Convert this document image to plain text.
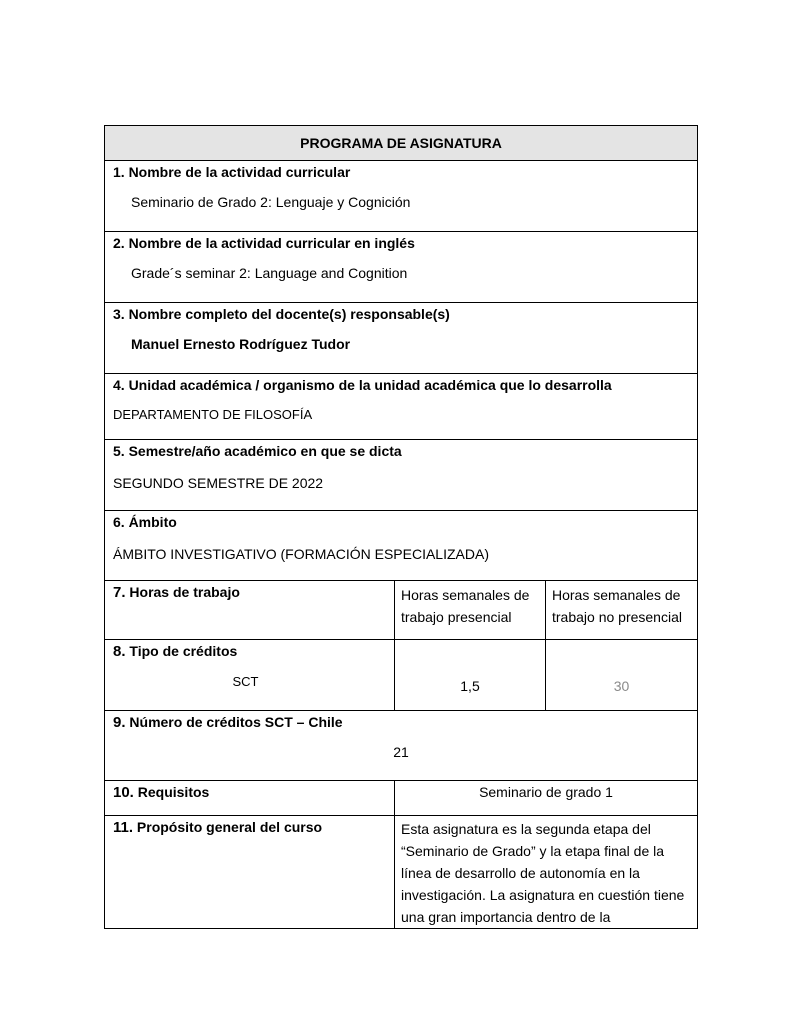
PROGRAMA DE ASIGNATURA		

1. Nombre de la actividad curricular
Seminario de Grado 2: Lenguaje y Cognición		

2. Nombre de la actividad curricular en inglés
Grade´s seminar 2: Language and Cognition		

3. Nombre completo del docente(s) responsable(s)
Manuel Ernesto Rodríguez Tudor		

4. Unidad académica / organismo de la unidad académica que lo desarrolla
DEPARTAMENTO DE FILOSOFÍA		

5. Semestre/año académico en que se dicta
SEGUNDO SEMESTRE DE 2022		

6. Ámbito
ÁMBITO INVESTIGATIVO (FORMACIÓN ESPECIALIZADA)		

7. Horas de trabajo	Horas semanales de trabajo presencial	Horas semanales de trabajo no presencial

8. Tipo de créditos
SCT	1,5	30

9. Número de créditos SCT – Chile
21		

10. Requisitos	Seminario de grado 1	

11. Propósito general del curso	Esta asignatura es la segunda etapa del “Seminario de Grado” y la etapa final de la línea de desarrollo de autonomía en la investigación. La asignatura en cuestión tiene una gran importancia dentro de la	
